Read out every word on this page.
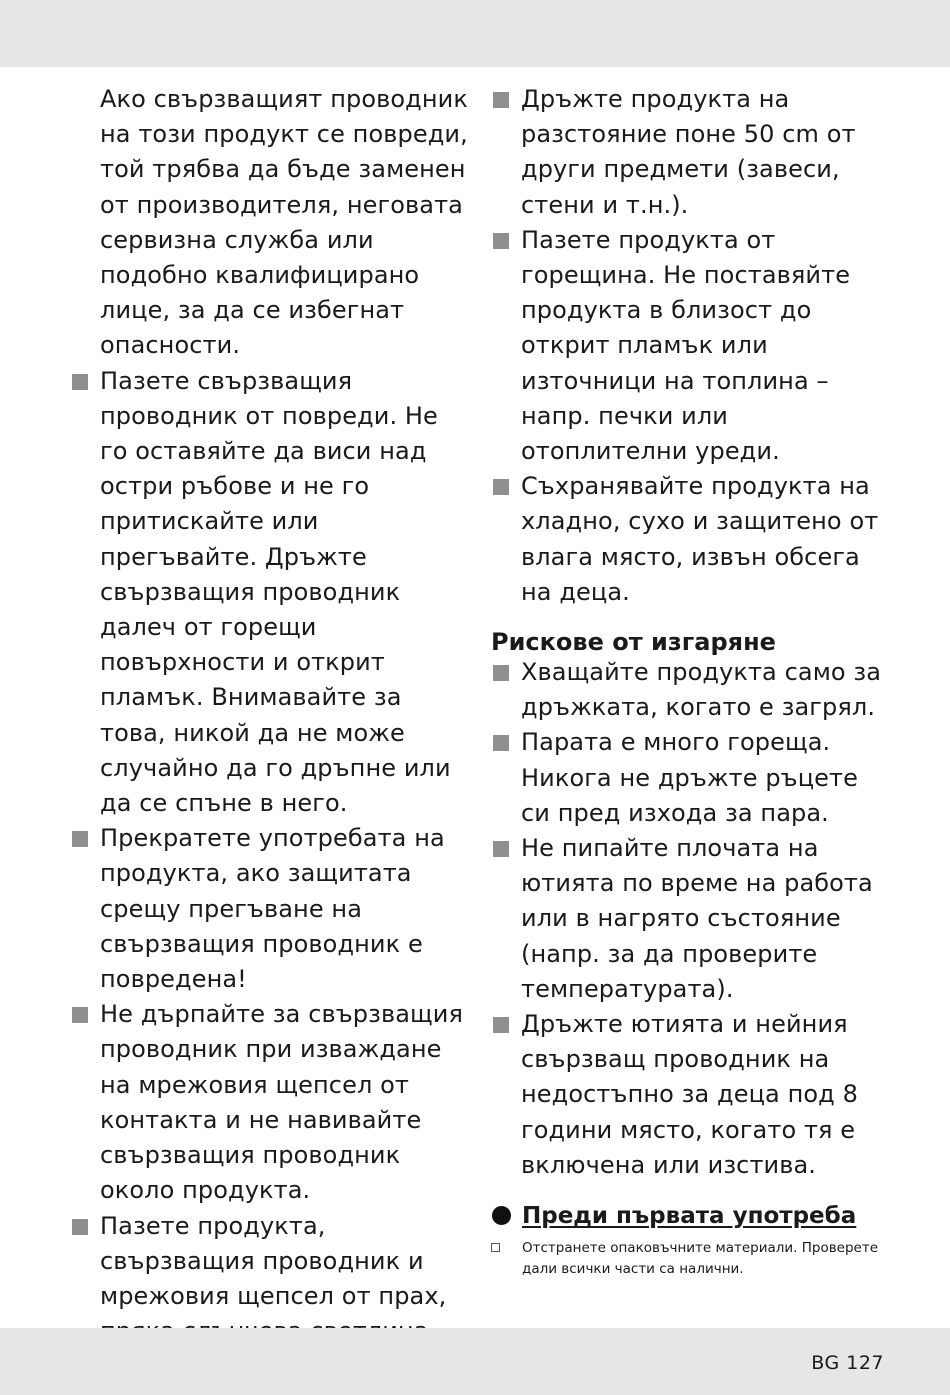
Ако свързващият проводник на този продукт се повреди, той трябва да бъде заменен от производителя, неговата сервизна служба или подобно квалифицирано лице, за да се избегнат опасности.

Пазете свързващия проводник от повреди. Не го оставяйте да виси над остри ръбове и не го притискайте или прегъвайте. Дръжте свързващия проводник далеч от горещи повърхности и открит пламък. Внимавайте за това, никой да не може случайно да го дръпне или да се спъне в него.
Прекратете употребата на продукта, ако защитата срещу прегъване на свързващия проводник е повредена!
Не дърпайте за свързващия проводник при изваждане на мрежовия щепсел от контакта и не навивайте свързващия проводник около продукта.
Пазете продукта, свързващия проводник и мрежовия щепсел от прах,
Дръжте продукта на разстояние поне 50 cm от други предмети (завеси, стени и т.н.).
Пазете продукта от горещина. Не поставяйте продукта в близост до открит пламък или източници на топлина – напр. печки или отоплителни уреди.
Съхранявайте продукта на хладно, сухо и защитено от влага място, извън обсега на деца.
Рискове от изгаряне
Хващайте продукта само за дръжката, когато е загрял.
Парата е много гореща. Никога не дръжте ръцете си пред изхода за пара.
Не пипайте плочата на ютията по време на работа или в нагрято състояние (напр. за да проверите температурата).
Дръжте ютията и нейния свързващ проводник на недостъпно за деца под 8 години място, когато тя е включена или изстива.
Преди първата употреба
Отстранете опаковъчните материали. Проверете дали всички части са налични.
BG 127
